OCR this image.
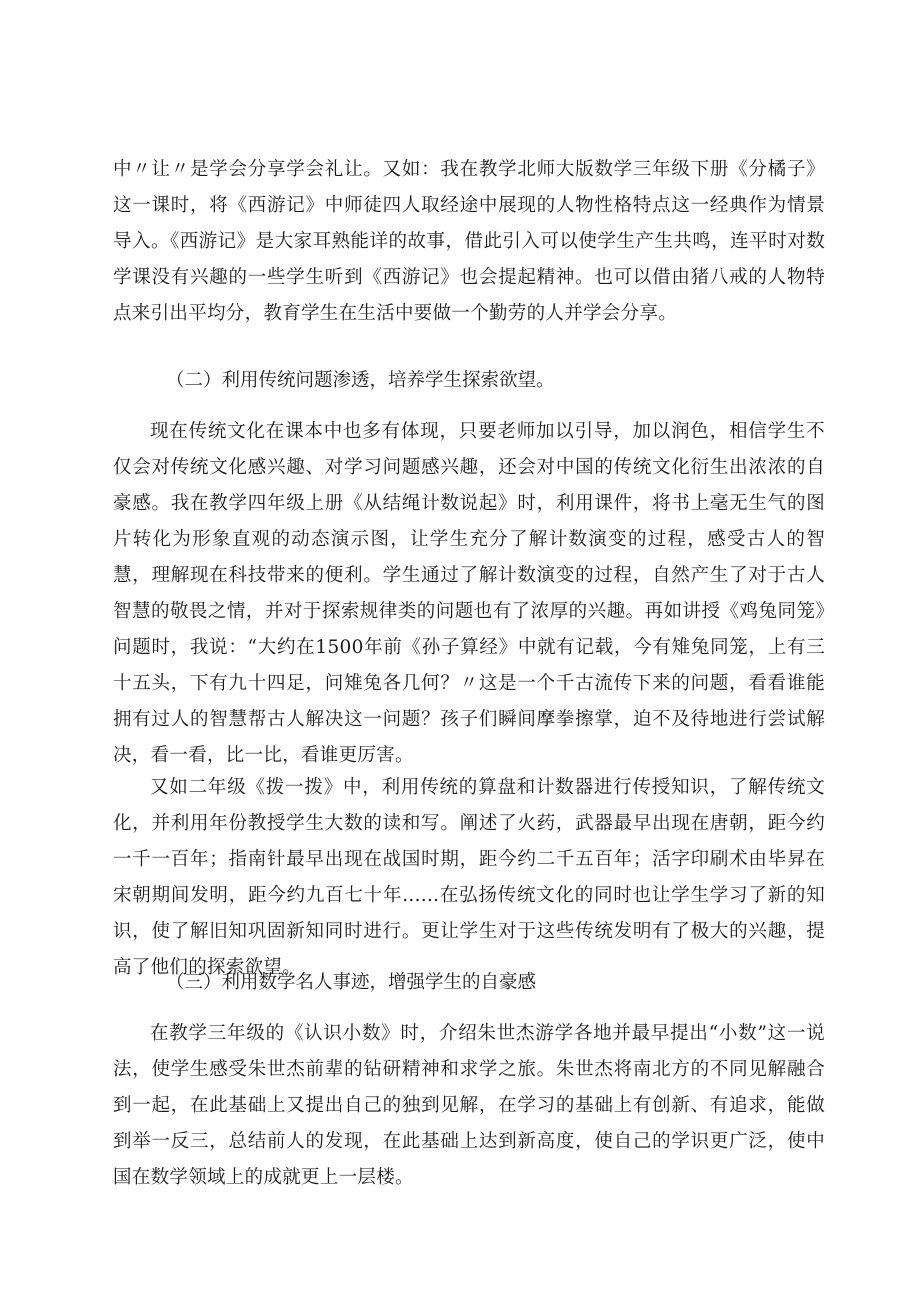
中〃让〃是学会分享学会礼让。又如：我在教学北师大版数学三年级下册《分橘子》这一课时，将《西游记》中师徒四人取经途中展现的人物性格特点这一经典作为情景导入。《西游记》是大家耳熟能详的故事，借此引入可以使学生产生共鸣，连平时对数学课没有兴趣的一些学生听到《西游记》也会提起精神。也可以借由猪八戒的人物特点来引出平均分，教育学生在生活中要做一个勤劳的人并学会分享。

（二）利用传统问题渗透，培养学生探索欲望。

现在传统文化在课本中也多有体现，只要老师加以引导，加以润色，相信学生不仅会对传统文化感兴趣、对学习问题感兴趣，还会对中国的传统文化衍生出浓浓的自豪感。我在教学四年级上册《从结绳计数说起》时，利用课件，将书上毫无生气的图片转化为形象直观的动态演示图，让学生充分了解计数演变的过程，感受古人的智慧，理解现在科技带来的便利。学生通过了解计数演变的过程，自然产生了对于古人智慧的敬畏之情，并对于探索规律类的问题也有了浓厚的兴趣。再如讲授《鸡兔同笼》问题时，我说：“大约在1500年前《孙子算经》中就有记载，今有雉兔同笼，上有三十五头，下有九十四足，问雉兔各几何？〃这是一个千古流传下来的问题，看看谁能拥有过人的智慧帮古人解决这一问题？孩子们瞬间摩拳擦掌，迫不及待地进行尝试解决，看一看，比一比，看谁更厉害。

又如二年级《拨一拨》中，利用传统的算盘和计数器进行传授知识，了解传统文化，并利用年份教授学生大数的读和写。阐述了火药，武器最早出现在唐朝，距今约一千一百年；指南针最早出现在战国时期，距今约二千五百年；活字印刷术由毕昇在宋朝期间发明，距今约九百七十年......在弘扬传统文化的同时也让学生学习了新的知识，使了解旧知巩固新知同时进行。更让学生对于这些传统发明有了极大的兴趣，提高了他们的探索欲望。

（三）利用数学名人事迹，增强学生的自豪感

在教学三年级的《认识小数》时，介绍朱世杰游学各地并最早提出“小数”这一说法，使学生感受朱世杰前辈的钻研精神和求学之旅。朱世杰将南北方的不同见解融合到一起，在此基础上又提出自己的独到见解，在学习的基础上有创新、有追求，能做到举一反三，总结前人的发现，在此基础上达到新高度，使自己的学识更广泛，使中国在数学领域上的成就更上一层楼。
